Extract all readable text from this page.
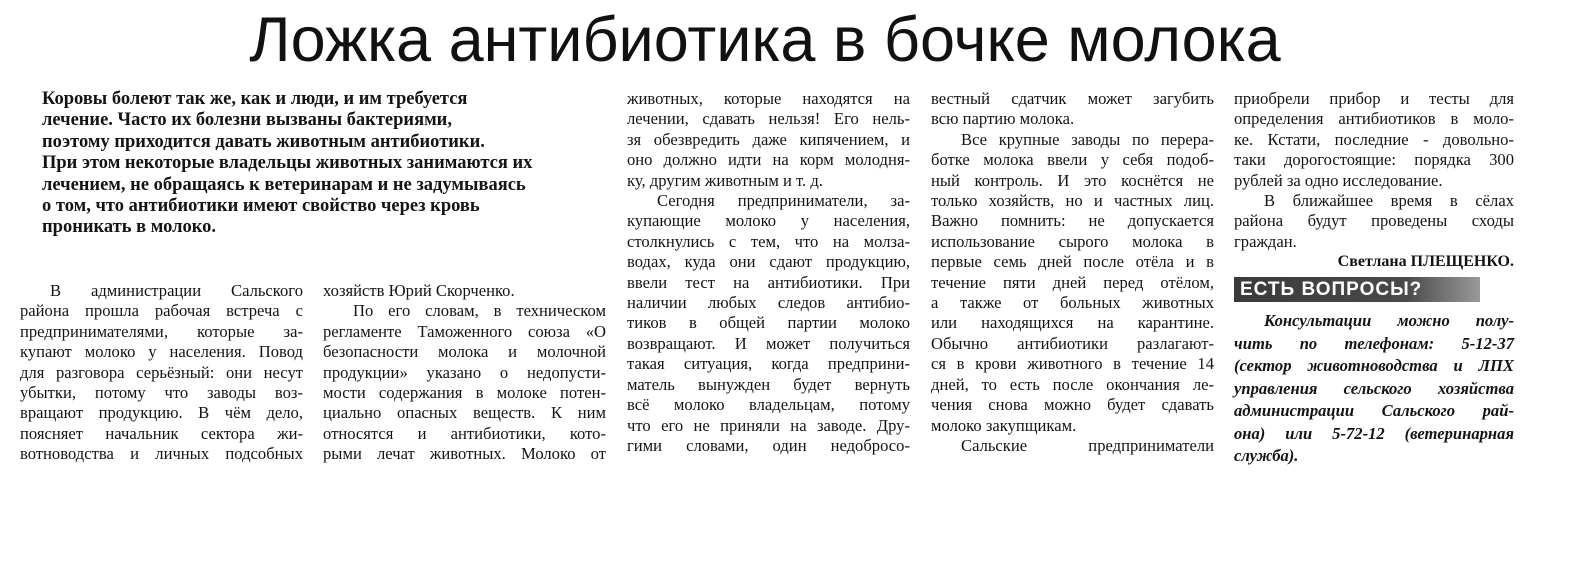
Ложка антибиотика в бочке молока
Коровы болеют так же, как и люди, и им требуется
лечение. Часто их болезни вызваны бактериями,
поэтому приходится давать животным антибиотики.
При этом некоторые владельцы животных занимаются их
лечением, не обращаясь к ветеринарам и не задумываясь
о том, что антибиотики имеют свойство через кровь
проникать в молоко.
В администрации Сальского
района прошла рабочая встреча с
предпринимателями, которые за-
купают молоко у населения. Повод
для разговора серьёзный: они несут
убытки, потому что заводы воз-
вращают продукцию. В чём дело,
поясняет начальник сектора жи-
вотноводства и личных подсобных
хозяйств Юрий Скорченко.
По его словам, в техническом
регламенте Таможенного союза «О
безопасности молока и молочной
продукции» указано о недопусти-
мости содержания в молоке потен-
циально опасных веществ. К ним
относятся и антибиотики, кото-
рыми лечат животных. Молоко от
животных, которые находятся на
лечении, сдавать нельзя! Его нель-
зя обезвредить даже кипячением, и
оно должно идти на корм молодня-
ку, другим животным и т. д.
Сегодня предприниматели, за-
купающие молоко у населения,
столкнулись с тем, что на молза-
водах, куда они сдают продукцию,
ввели тест на антибиотики. При
наличии любых следов антибио-
тиков в общей партии молоко
возвращают. И может получиться
такая ситуация, когда предприни-
матель вынужден будет вернуть
всё молоко владельцам, потому
что его не приняли на заводе. Дру-
гими словами, один недобросо-
вестный сдатчик может загубить
всю партию молока.
Все крупные заводы по перера-
ботке молока ввели у себя подоб-
ный контроль. И это коснётся не
только хозяйств, но и частных лиц.
Важно помнить: не допускается
использование сырого молока в
первые семь дней после отёла и в
течение пяти дней перед отёлом,
а также от больных животных
или находящихся на карантине.
Обычно антибиотики разлагают-
ся в крови животного в течение 14
дней, то есть после окончания ле-
чения снова можно будет сдавать
молоко закупщикам.
Сальские предприниматели
приобрели прибор и тесты для
определения антибиотиков в моло-
ке. Кстати, последние - довольно-
таки дорогостоящие: порядка 300
рублей за одно исследование.
В ближайшее время в сёлах
района будут проведены сходы
граждан.
Светлана ПЛЕЩЕНКО.
ЕСТЬ ВОПРОСЫ?
Консультации можно полу-
чить по телефонам: 5-12-37
(сектор животноводства и ЛПХ
управления сельского хозяйства
администрации Сальского рай-
она) или 5-72-12 (ветеринарная
служба).
